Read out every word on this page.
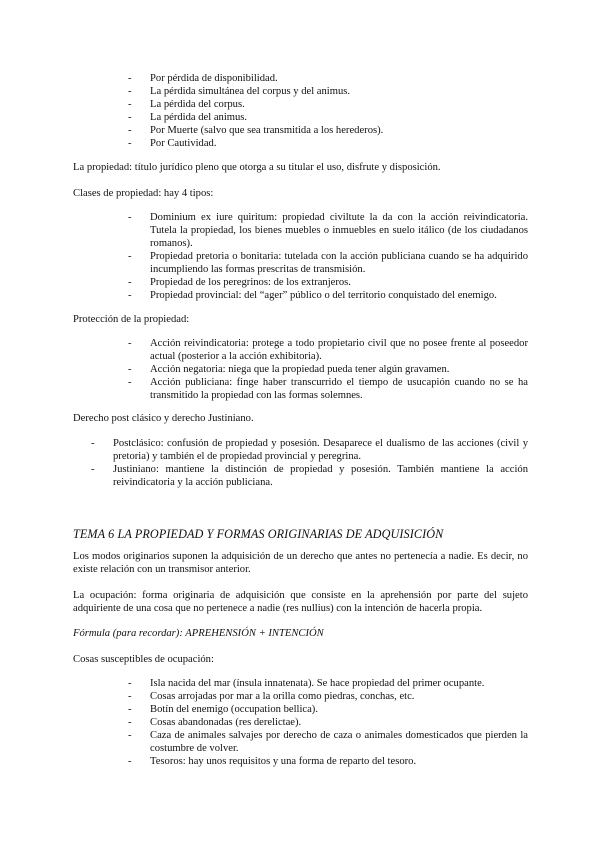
- Por pérdida de disponibilidad.
- La pérdida simultánea del corpus y del animus.
- La pérdida del corpus.
- La pérdida del animus.
- Por Muerte (salvo que sea transmitida a los herederos).
- Por Cautividad.

La propiedad: título jurídico pleno que otorga a su titular el uso, disfrute y disposición.

Clases de propiedad: hay 4 tipos:

- Dominium ex iure quiritum: propiedad civiltute la da con la acción reivindicatoria. Tutela la propiedad, los bienes muebles o inmuebles en suelo itálico (de los ciudadanos romanos).
- Propiedad pretoria o bonitaria: tutelada con la acción publiciana cuando se ha adquirido incumpliendo las formas prescritas de transmisión.
- Propiedad de los peregrinos: de los extranjeros.
- Propiedad provincial: del “ager” público o del territorio conquistado del enemigo.

Protección de la propiedad:

- Acción reivindicatoria: protege a todo propietario civil que no posee frente al poseedor actual (posterior a la acción exhibitoria).
- Acción negatoria: niega que la propiedad pueda tener algún gravamen.
- Acción publiciana: finge haber transcurrido el tiempo de usucapión cuando no se ha transmitido la propiedad con las formas solemnes.

Derecho post clásico y derecho Justiniano.

- Postclásico: confusión de propiedad y posesión. Desaparece el dualismo de las acciones (civil y pretoria) y también el de propiedad provincial y peregrina.
- Justiniano: mantiene la distinción de propiedad y posesión. También mantiene la acción reivindicatoria y la acción publiciana.
TEMA 6 LA PROPIEDAD Y FORMAS ORIGINARIAS DE ADQUISICIÓN

Los modos originarios suponen la adquisición de un derecho que antes no pertenecía a nadie. Es decir, no existe relación con un transmisor anterior.

La ocupación: forma originaria de adquisición que consiste en la aprehensión por parte del sujeto adquiriente de una cosa que no pertenece a nadie (res nullius) con la intención de hacerla propia.

Fórmula (para recordar): APREHENSIÓN + INTENCIÓN

Cosas susceptibles de ocupación:

- Isla nacida del mar (ínsula innatenata). Se hace propiedad del primer ocupante.
- Cosas arrojadas por mar a la orilla como piedras, conchas, etc.
- Botín del enemigo (occupation bellica).
- Cosas abandonadas (res derelictae).
- Caza de animales salvajes por derecho de caza o animales domesticados que pierden la costumbre de volver.
- Tesoros: hay unos requisitos y una forma de reparto del tesoro.
